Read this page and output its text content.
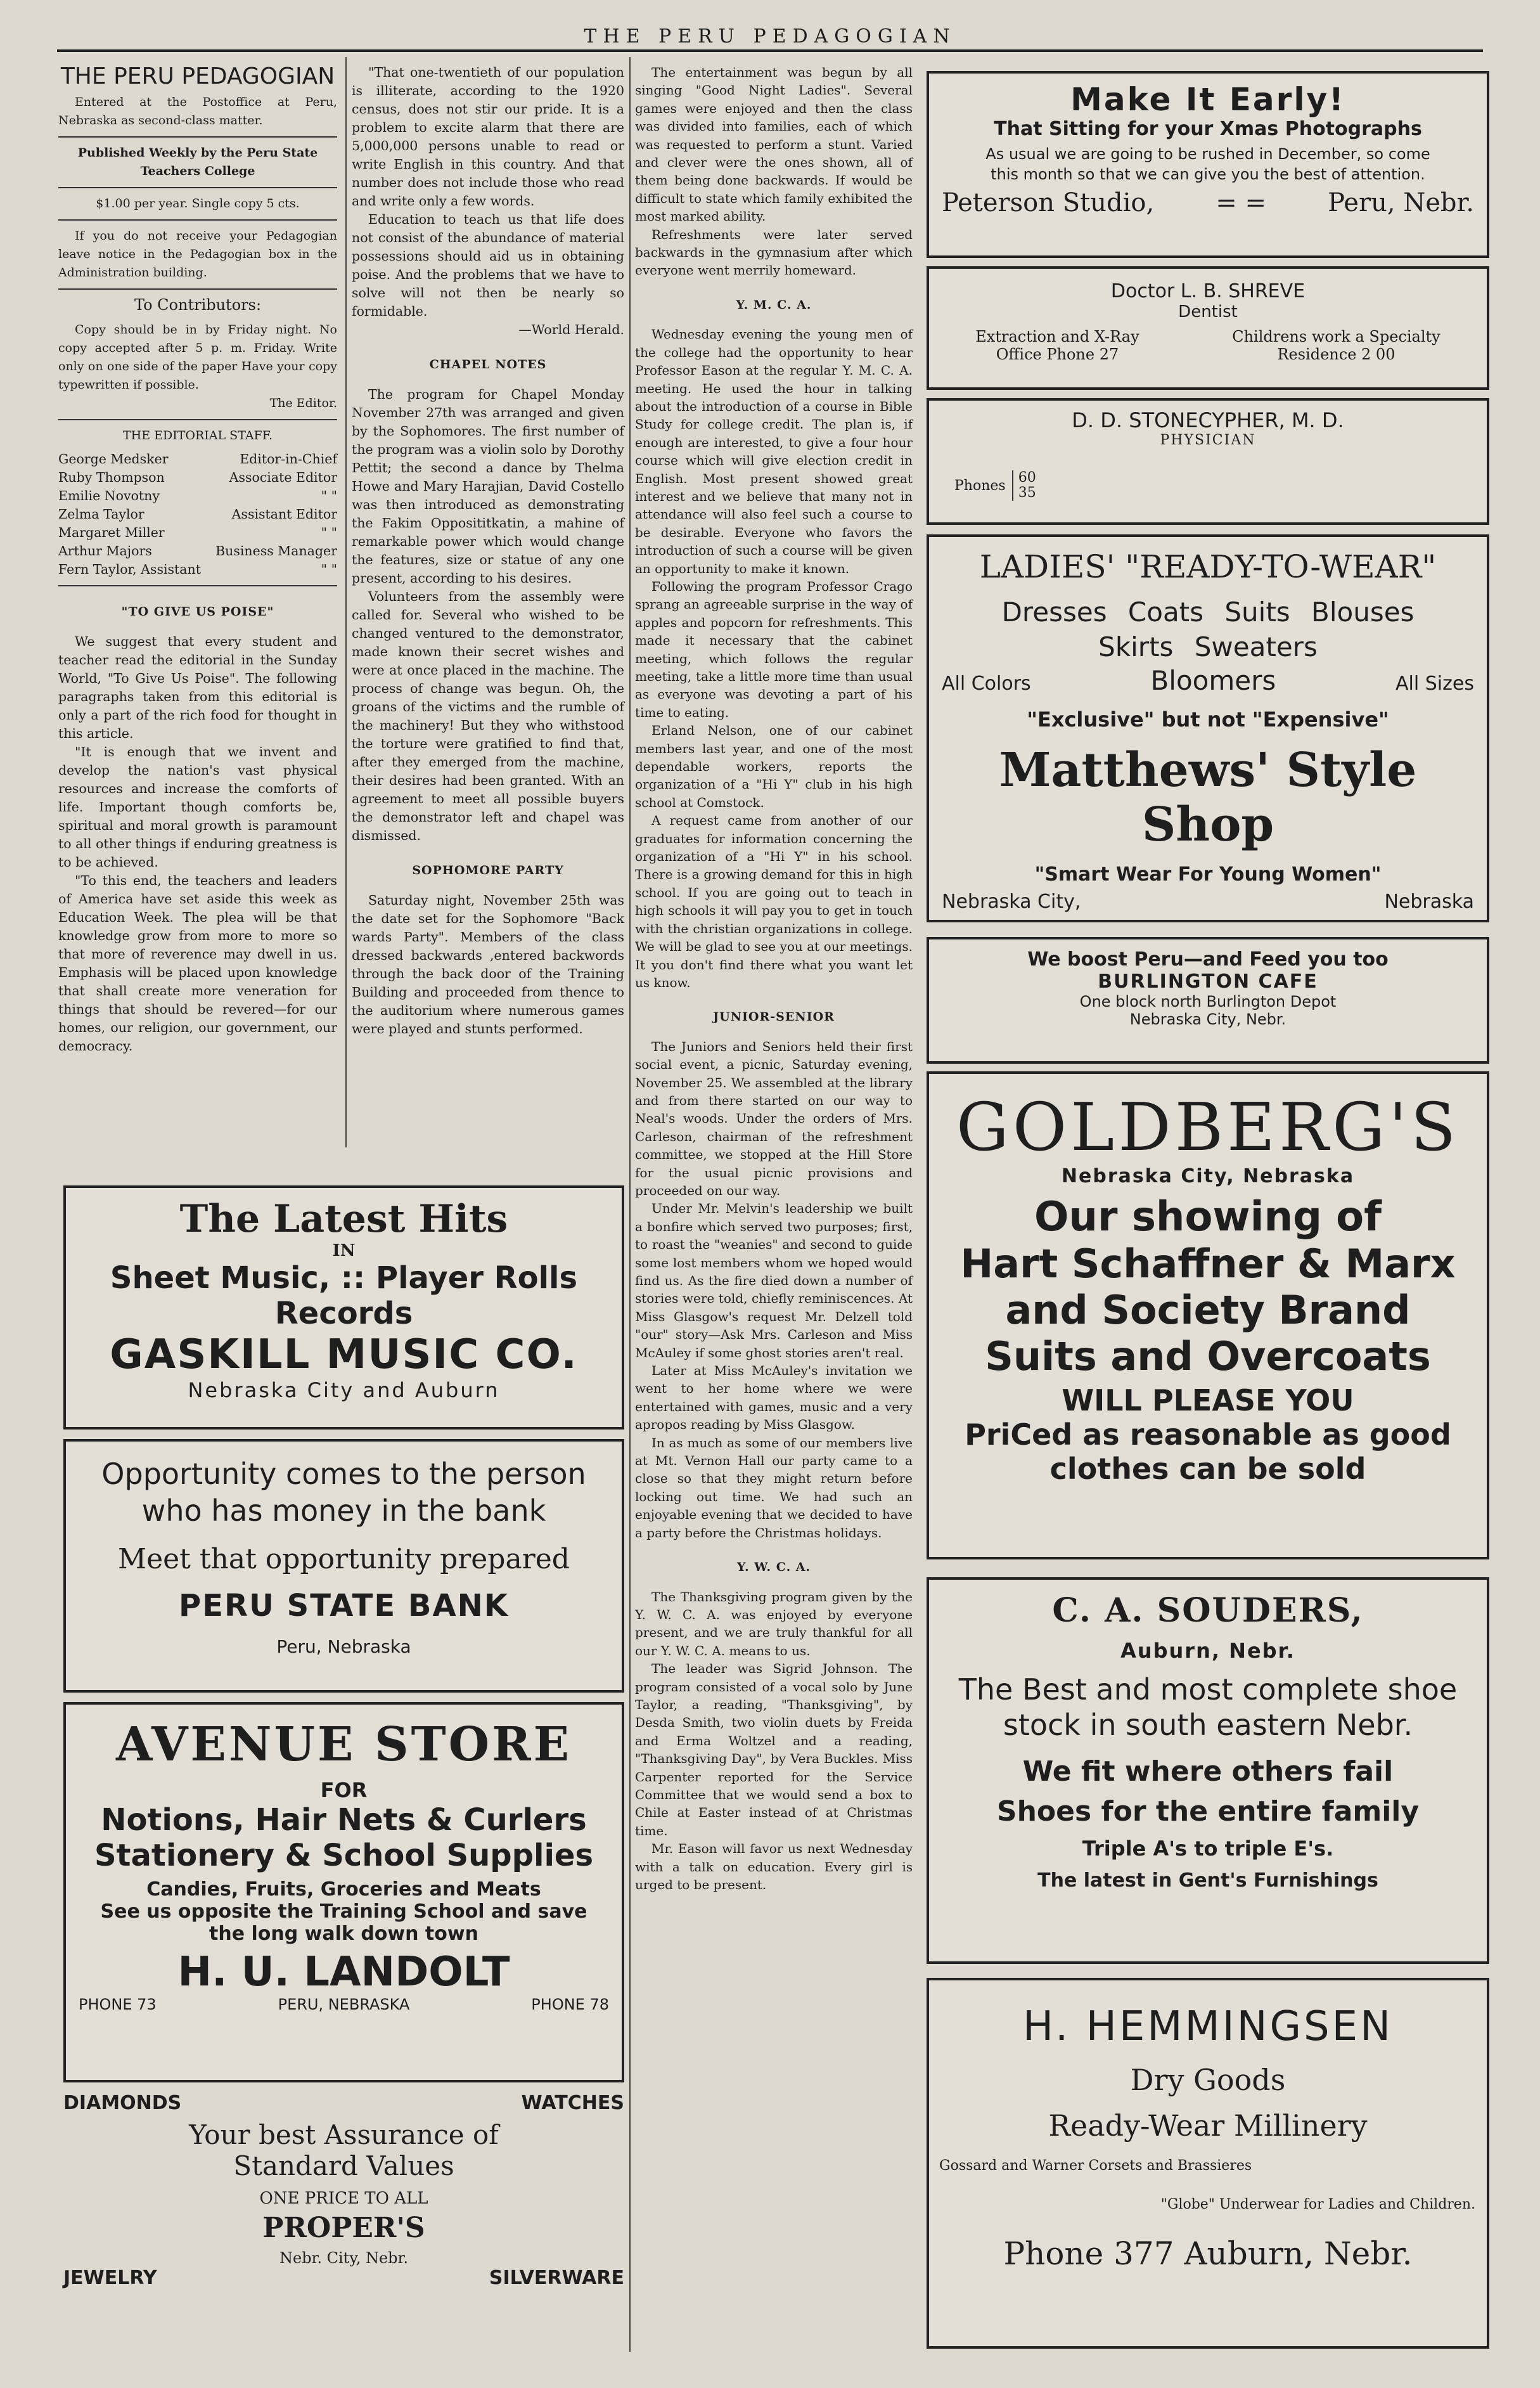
THE PERU PEDAGOGIAN
THE PERU PEDAGOGIAN

Entered at the Postoffice at Peru, Nebraska as second-class matter.

Published Weekly by the Peru State Teachers College

$1.00 per year. Single copy 5 cts.

If you do not receive your Pedagogian leave notice in the Pedagogian box in the Administration building.

To Contributors:

Copy should be in by Friday night. No copy accepted after 5 p. m. Friday. Write only on one side of the paper Have your copy typewritten if possible.

The Editor.

THE EDITORIAL STAFF.

George Medsker	Editor-in-Chief
Ruby Thompson	Associate Editor
Emilie Novotny	" "
Zelma Taylor	Assistant Editor
Margaret Miller	" "
Arthur Majors	Business Manager
Fern Taylor, Assistant	" "
"TO GIVE US POISE"

We suggest that every student and teacher read the editorial in the Sunday World, "To Give Us Poise". The following paragraphs taken from this editorial is only a part of the rich food for thought in this article.

"It is enough that we invent and develop the nation's vast physical resources and increase the comforts of life. Important though comforts be, spiritual and moral growth is paramount to all other things if enduring greatness is to be achieved.

"To this end, the teachers and leaders of America have set aside this week as Education Week. The plea will be that knowledge grow from more to more so that more of reverence may dwell in us. Emphasis will be placed upon knowledge that shall create more veneration for things that should be revered—for our homes, our religion, our government, our democracy.

"That one-twentieth of our population is illiterate, according to the 1920 census, does not stir our pride. It is a problem to excite alarm that there are 5,000,000 persons unable to read or write English in this country. And that number does not include those who read and write only a few words.

Education to teach us that life does not consist of the abundance of material possessions should aid us in obtaining poise. And the problems that we have to solve will not then be nearly so formidable.

—World Herald.

CHAPEL NOTES

The program for Chapel Monday November 27th was arranged and given by the Sophomores. The first number of the program was a violin solo by Dorothy Pettit; the second a dance by Thelma Howe and Mary Harajian, David Costello was then introduced as demonstrating the Fakim Opposititkatin, a mahine of remarkable power which would change the features, size or statue of any one present, according to his desires.

Volunteers from the assembly were called for. Several who wished to be changed ventured to the demonstrator, made known their secret wishes and were at once placed in the machine. The process of change was begun. Oh, the groans of the victims and the rumble of the machinery! But they who withstood the torture were gratified to find that, after they emerged from the machine, their desires had been granted. With an agreement to meet all possible buyers the demonstrator left and chapel was dismissed.

SOPHOMORE PARTY

Saturday night, November 25th was the date set for the Sophomore "Back wards Party". Members of the class dressed backwards ,entered backwords through the back door of the Training Building and proceeded from thence to the auditorium where numerous games were played and stunts performed.

The entertainment was begun by all singing "Good Night Ladies". Several games were enjoyed and then the class was divided into families, each of which was requested to perform a stunt. Varied and clever were the ones shown, all of them being done backwards. If would be difficult to state which family exhibited the most marked ability.

Refreshments were later served backwards in the gymnasium after which everyone went merrily homeward.

Y. M. C. A.

Wednesday evening the young men of the college had the opportunity to hear Professor Eason at the regular Y. M. C. A. meeting. He used the hour in talking about the introduction of a course in Bible Study for college credit. The plan is, if enough are interested, to give a four hour course which will give election credit in English. Most present showed great interest and we believe that many not in attendance will also feel such a course to be desirable. Everyone who favors the introduction of such a course will be given an opportunity to make it known.

Following the program Professor Crago sprang an agreeable surprise in the way of apples and popcorn for refreshments. This made it necessary that the cabinet meeting, which follows the regular meeting, take a little more time than usual as everyone was devoting a part of his time to eating.

Erland Nelson, one of our cabinet members last year, and one of the most dependable workers, reports the organization of a "Hi Y" club in his high school at Comstock.

A request came from another of our graduates for information concerning the organization of a "Hi Y" in his school. There is a growing demand for this in high school. If you are going out to teach in high schools it will pay you to get in touch with the christian organizations in college. We will be glad to see you at our meetings. It you don't find there what you want let us know.

JUNIOR-SENIOR

The Juniors and Seniors held their first social event, a picnic, Saturday evening, November 25. We assembled at the library and from there started on our way to Neal's woods. Under the orders of Mrs. Carleson, chairman of the refreshment committee, we stopped at the Hill Store for the usual picnic provisions and proceeded on our way.

Under Mr. Melvin's leadership we built a bonfire which served two purposes; first, to roast the "weanies" and second to guide some lost members whom we hoped would find us. As the fire died down a number of stories were told, chiefly reminiscences. At Miss Glasgow's request Mr. Delzell told "our" story—Ask Mrs. Carleson and Miss McAuley if some ghost stories aren't real.

Later at Miss McAuley's invitation we went to her home where we were entertained with games, music and a very apropos reading by Miss Glasgow.

In as much as some of our members live at Mt. Vernon Hall our party came to a close so that they might return before locking out time. We had such an enjoyable evening that we decided to have a party before the Christmas holidays.

Y. W. C. A.

The Thanksgiving program given by the Y. W. C. A. was enjoyed by everyone present, and we are truly thankful for all our Y. W. C. A. means to us.

The leader was Sigrid Johnson. The program consisted of a vocal solo by June Taylor, a reading, "Thanksgiving", by Desda Smith, two violin duets by Freida and Erma Woltzel and a reading, "Thanksgiving Day", by Vera Buckles. Miss Carpenter reported for the Service Committee that we would send a box to Chile at Easter instead of at Christmas time.

Mr. Eason will favor us next Wednesday with a talk on education. Every girl is urged to be present.

The Latest Hits
IN
Sheet Music, :: Player Rolls
Records
GASKILL MUSIC CO.
Nebraska City and Auburn
Opportunity comes to the person who has money in the bank
Meet that opportunity prepared
PERU STATE BANK
Peru, Nebraska
AVENUE STORE
FOR
Notions, Hair Nets & Curlers
Stationery & School Supplies
Candies, Fruits, Groceries and Meats
See us opposite the Training School and save the long walk down town
H. U. LANDOLT
PHONE 73	PERU, NEBRASKA	PHONE 78
DIAMONDS	WATCHES
Your best Assurance of
Standard Values
ONE PRICE TO ALL
PROPER'S
Nebr. City, Nebr.
JEWELRY	SILVERWARE
Make It Early!
That Sitting for your Xmas Photographs
As usual we are going to be rushed in December, so come this month so that we can give you the best of attention.
Peterson Studio, = = Peru, Nebr.
Doctor L. B. SHREVE
Dentist
Extraction and X-Ray
Office Phone 27
Childrens work a Specialty
Residence 2 00
D. D. STONECYPHER, M. D.
PHYSICIAN
Phones 60
35
LADIES' "READY-TO-WEAR"
Dresses Coats Suits Blouses
Skirts Sweaters
All Colors	Bloomers	All Sizes
"Exclusive" but not "Expensive"
Matthews' Style Shop
"Smart Wear For Young Women"
Nebraska City,	Nebraska
We boost Peru—and Feed you too
BURLINGTON CAFE
One block north Burlington Depot
Nebraska City, Nebr.
GOLDBERG'S
Nebraska City, Nebraska
Our showing of
Hart Schaffner & Marx
and Society Brand
Suits and Overcoats
WILL PLEASE YOU
PriCed as reasonable as good
clothes can be sold
C. A. SOUDERS,
Auburn, Nebr.
The Best and most complete shoe stock in south eastern Nebr.
We fit where others fail
Shoes for the entire family
Triple A's to triple E's.
The latest in Gent's Furnishings
H. HEMMINGSEN
Dry Goods
Ready-Wear Millinery
Gossard and Warner Corsets and Brassieres
"Globe" Underwear for Ladies and Children.
Phone 377 Auburn, Nebr.
